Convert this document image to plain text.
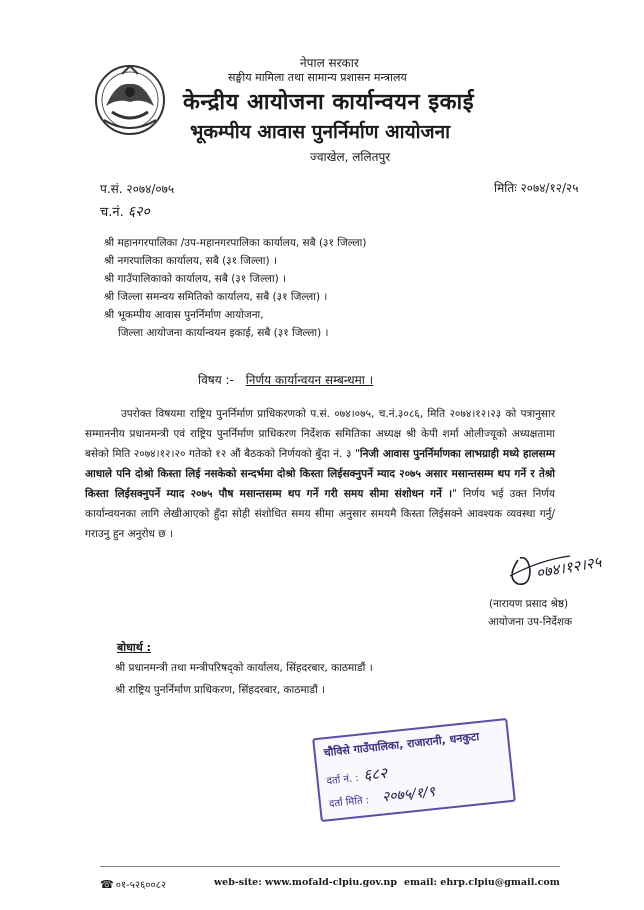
नेपाल सरकार
सङ्घीय मामिला तथा सामान्य प्रशासन मन्त्रालय
केन्द्रीय आयोजना कार्यान्वयन इकाई
भूकम्पीय आवास पुनर्निर्माण आयोजना
ज्वाखेल, ललितपुर
प.सं. २०७४/०७५
च.नं. ६२०
मितिः २०७४/१२/२५
श्री महानगरपालिका /उप-महानगरपालिका कार्यालय, सबै (३१ जिल्ला)
श्री नगरपालिका कार्यालय, सबै (३१ जिल्ला) ।
श्री गाउँपालिकाको कार्यालय, सबै (३१ जिल्ला) ।
श्री जिल्ला समन्वय समितिको कार्यालय, सबै (३१ जिल्ला) ।
श्री भूकम्पीय आवास पुनर्निर्माण आयोजना,
जिल्ला आयोजना कार्यान्वयन इकाई, सबै (३१ जिल्ला) ।
विषय :- निर्णय कार्यान्वयन सम्बन्धमा ।
उपरोक्त विषयमा राष्ट्रिय पुनर्निर्माण प्राधिकरणको प.सं. ०७४।०७५, च.नं.३०८६, मिति २०७४।१२।२३ को पत्रानुसार सम्माननीय प्रधानमन्त्री एवं राष्ट्रिय पुनर्निर्माण प्राधिकरण निर्देशक समितिका अध्यक्ष श्री केपी शर्मा ओलीज्यूको अध्यक्षतामा बसेको मिति २०७४।१२।२० गतेको १२ औं बैठकको निर्णयको बुँदा नं. ३ "निजी आवास पुनर्निर्माणका लाभग्राही मध्ये हालसम्म आधाले पनि दोश्रो किस्ता लिई नसकेको सन्दर्भमा दोश्रो किस्ता लिईसक्नुपर्ने म्याद २०७५ असार मसान्तसम्म थप गर्ने र तेश्रो किस्ता लिईसक्नुपर्ने म्याद २०७५ पौष मसान्तसम्म थप गर्ने गरी समय सीमा संशोधन गर्ने ।" निर्णय भई उक्त निर्णय कार्यान्वयनका लागि लेखीआएको हुँदा सोही संशोधित समय सीमा अनुसार समयमै किस्ता लिईसक्ने आवश्यक व्यवस्था गर्नु/गराउनु हुन अनुरोध छ ।
०७४।१२।२५
(नारायण प्रसाद श्रेष्ठ)
आयोजना उप-निर्देशक
बोधार्थ :
श्री प्रधानमन्त्री तथा मन्त्रीपरिषद्को कार्यालय, सिंहदरबार, काठमाडौं ।
श्री राष्ट्रिय पुनर्निर्माण प्राधिकरण, सिंहदरबार, काठमाडौं ।
चौविसे गाउँपालिका, राजारानी, धनकुटा
दर्ता नं. : ६८२
दर्ता मिति : २०७५/१/९
☎ ०१-५२६००८२	web-site: www.mofald-clpiu.gov.np email: ehrp.clpiu@gmail.com
